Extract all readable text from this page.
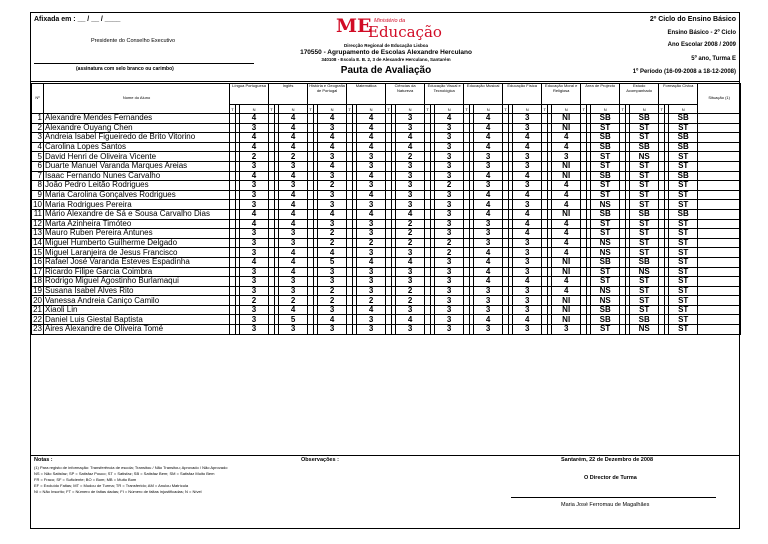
Afixada em : __ / __ / ____
Presidente do Conselho Executivo
(assinatura com selo branco ou carimbo)
ME Ministério da
Educação
Direcção Regional de Educação Lisboa
170550 - Agrupamento de Escolas Alexandre Herculano
340108 - Escola E. B. 2, 3 de Alexandre Herculano, Santarém
Pauta de Avaliação
2º Ciclo do Ensino Básico
Ensino Básico - 2º Ciclo
Ano Escolar 2008 / 2009
5º ano, Turma E
1º Período (16-09-2008 a 18-12-2008)
Nº	Nome do Aluno	Língua Portuguesa			Inglês			História e Geografia de Portugal			Matemática			Ciências da Natureza			Educação Visual e Tecnológica			Educação Musical			Educação Física			Educação Moral e Religiosa			Área de Projecto			Estudo Acompanhado			Formação Cívica			Situação (1)
		T		N	T		N	T		N	T		N	T		N	T		N	T		N	T		N	T		N	T		N	T		N	T		N	
1	Alexandre Mendes Fernandes			4			4			4			4			3			4			4			3			NI			SB			SB			SB	
2	Alexandre Ouyang Chen			3			4			3			4			3			3			4			3			NI			ST			ST			ST	
3	Andreia Isabel Figueiredo de Brito Vitorino			4			4			4			4			4			3			4			4			4			SB			ST			SB	
4	Carolina Lopes Santos			4			4			4			4			4			3			4			4			4			SB			SB			SB	
5	David Henri de Oliveira Vicente			2			2			3			3			2			3			3			3			3			ST			NS			ST	
6	Duarte Manuel Varanda Marques Areias			3			3			4			3			3			3			3			3			NI			ST			ST			ST	
7	Isaac Fernando Nunes Carvalho			4			4			3			4			3			3			4			4			NI			SB			ST			SB	
8	João Pedro Leitão Rodrigues			3			3			2			3			3			2			3			3			4			ST			ST			ST	
9	Maria Carolina Gonçalves Rodrigues			3			4			3			4			3			3			4			4			4			ST			ST			ST	
10	Maria Rodrigues Pereira			3			4			3			3			3			3			4			3			4			NS			ST			ST	
11	Mário Alexandre de Sá e Sousa Carvalho Dias			4			4			4			4			4			3			4			4			NI			SB			SB			SB	
12	Marta Azinheira Timóteo			4			4			3			3			2			3			3			4			4			ST			ST			ST	
13	Mauro Ruben Pereira Antunes			3			3			2			3			2			3			3			4			4			ST			ST			ST	
14	Miguel Humberto Guilherme Delgado			3			3			2			2			2			2			3			3			4			NS			ST			ST	
15	Miguel Laranjeira de Jesus Francisco			3			4			4			3			3			2			4			3			4			NS			ST			ST	
16	Rafael José Varanda Esteves Espadinha			4			4			5			4			4			3			4			3			NI			SB			SB			ST	
17	Ricardo Filipe Garcia Coimbra			3			4			3			3			3			3			4			3			NI			ST			NS			ST	
18	Rodrigo Miguel Agostinho Burlamaqui			3			3			3			3			3			3			4			4			4			ST			ST			ST	
19	Susana Isabel Alves Rito			3			3			2			3			2			3			3			3			4			NS			ST			ST	
20	Vanessa Andreia Caniço Camilo			2			2			2			2			2			3			3			3			NI			NS			ST			ST	
21	Xiaoli Lin			3			4			3			4			3			3			3			3			NI			SB			ST			ST	
22	Daniel Luis Giestal Baptista			3			5			4			3			4			3			4			4			NI			SB			SB			ST	
23	Aires Alexandre de Oliveira Tomé			3			3			3			3			3			3			3			3			3			ST			NS			ST	
Notas :
(1) Para registo de informação: Transferência de escola; Transitou / Não Transitou; Aprovado / Não Aprovado
NS = Não Satisfaz; SP = Satisfaz Pouco; ST = Satisfaz; SB = Satisfaz Bem; SM = Satisfaz Muito Bem
FR = Fraco; SF = Suficiente; BO = Bom; MB = Muito Bom
EF = Excluído Faltas; MT = Mudou de Turma; TR = Transferido; AM = Anulou Matrícula
NI = Não Inscrito; FT = Número de faltas dadas; FI = Número de faltas injustificadas; N = Nível
Observações :	Santarém, 22 de Dezembro de 2008
O Director de Turma
Maria José Ferromau de Magalhães
